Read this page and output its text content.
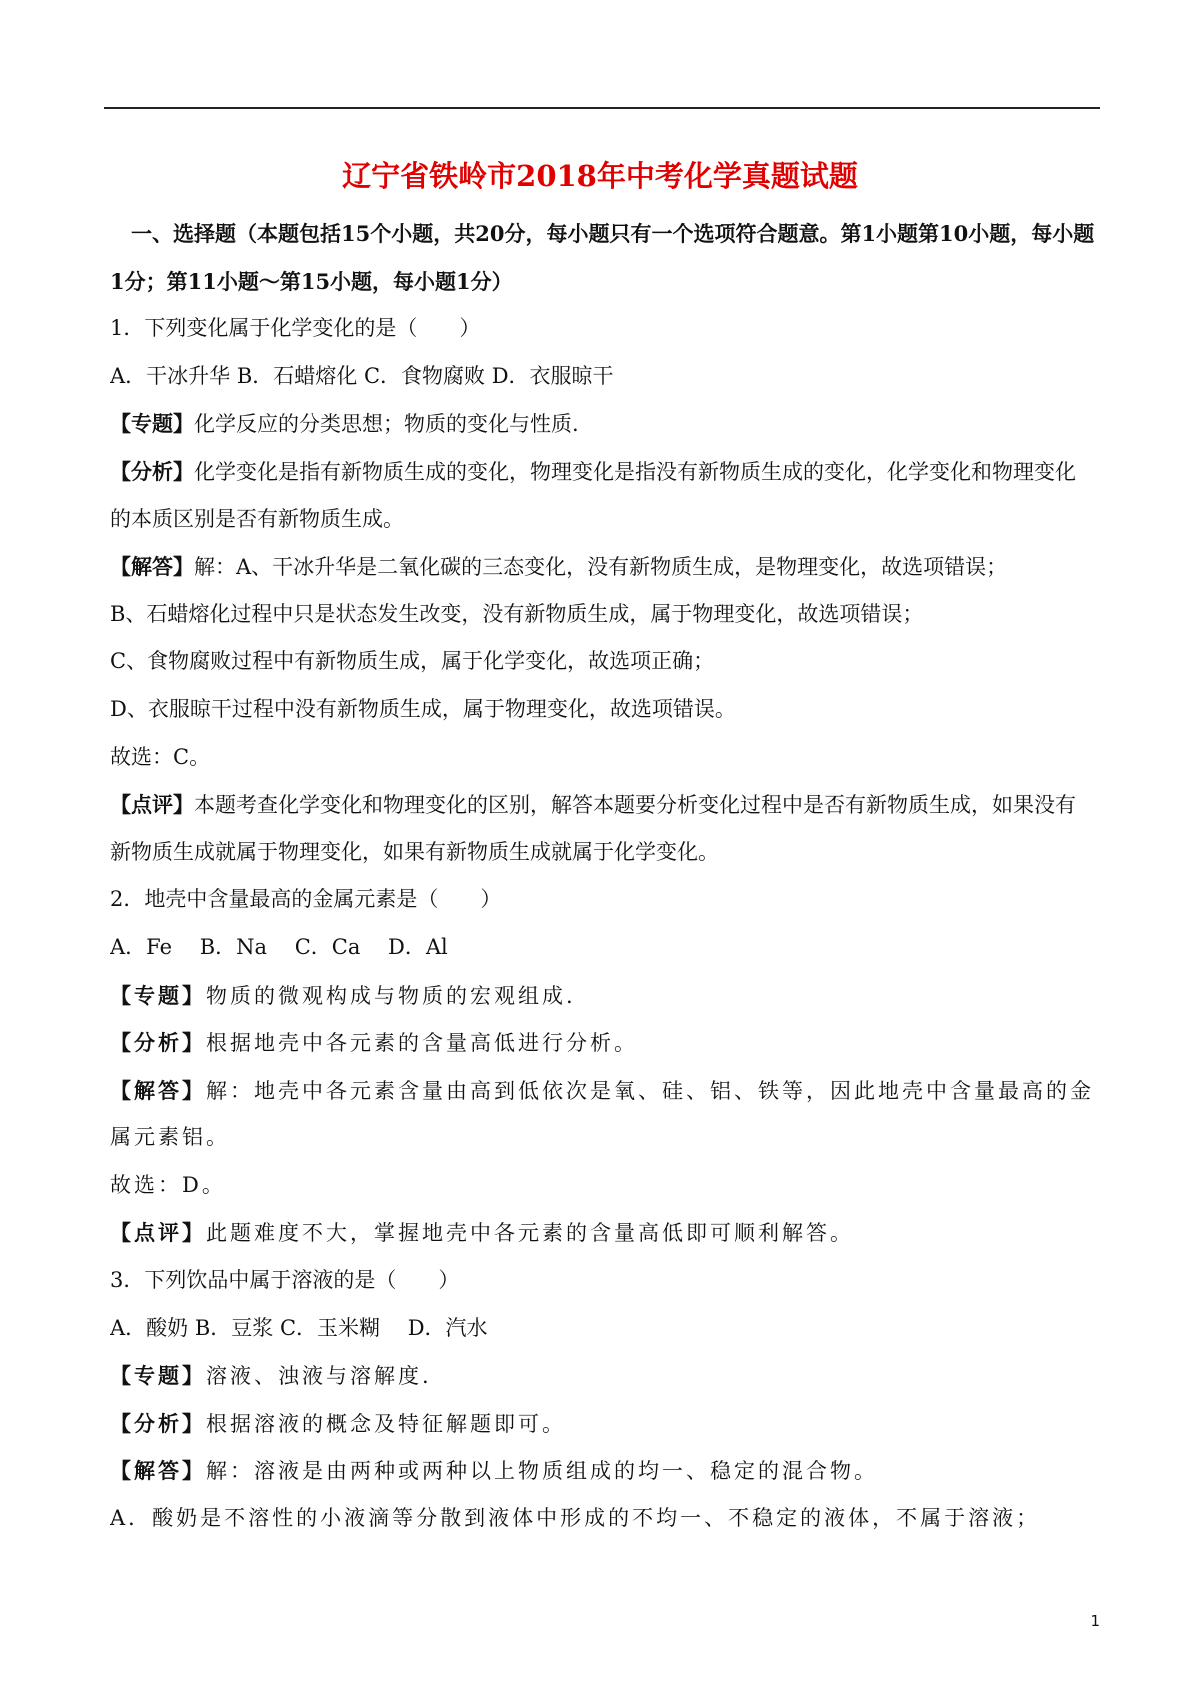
辽宁省铁岭市2018年中考化学真题试题
一、选择题（本题包括15个小题，共20分，每小题只有一个选项符合题意。第1小题第10小题，每小题1分；第11小题～第15小题，每小题1分）
1．下列变化属于化学变化的是（　　）
A．干冰升华 B．石蜡熔化 C．食物腐败 D．衣服晾干
【专题】化学反应的分类思想；物质的变化与性质.
【分析】化学变化是指有新物质生成的变化，物理变化是指没有新物质生成的变化，化学变化和物理变化
的本质区别是否有新物质生成。
【解答】解：A、干冰升华是二氧化碳的三态变化，没有新物质生成，是物理变化，故选项错误；
B、石蜡熔化过程中只是状态发生改变，没有新物质生成，属于物理变化，故选项错误；
C、食物腐败过程中有新物质生成，属于化学变化，故选项正确；
D、衣服晾干过程中没有新物质生成，属于物理变化，故选项错误。
故选：C。
【点评】本题考查化学变化和物理变化的区别，解答本题要分析变化过程中是否有新物质生成，如果没有
新物质生成就属于物理变化，如果有新物质生成就属于化学变化。
2．地壳中含量最高的金属元素是（　　）
A．Fe　 B．Na　 C．Ca　 D．Al
【专题】物质的微观构成与物质的宏观组成.
【分析】根据地壳中各元素的含量高低进行分析。
【解答】解：地壳中各元素含量由高到低依次是氧、硅、铝、铁等，因此地壳中含量最高的金
属元素铝。
故选：D。
【点评】此题难度不大，掌握地壳中各元素的含量高低即可顺利解答。
3．下列饮品中属于溶液的是（　　）
A．酸奶 B．豆浆 C．玉米糊　 D．汽水
【专题】溶液、浊液与溶解度.
【分析】根据溶液的概念及特征解题即可。
【解答】解：溶液是由两种或两种以上物质组成的均一、稳定的混合物。
A．酸奶是不溶性的小液滴等分散到液体中形成的不均一、不稳定的液体，不属于溶液；
1
